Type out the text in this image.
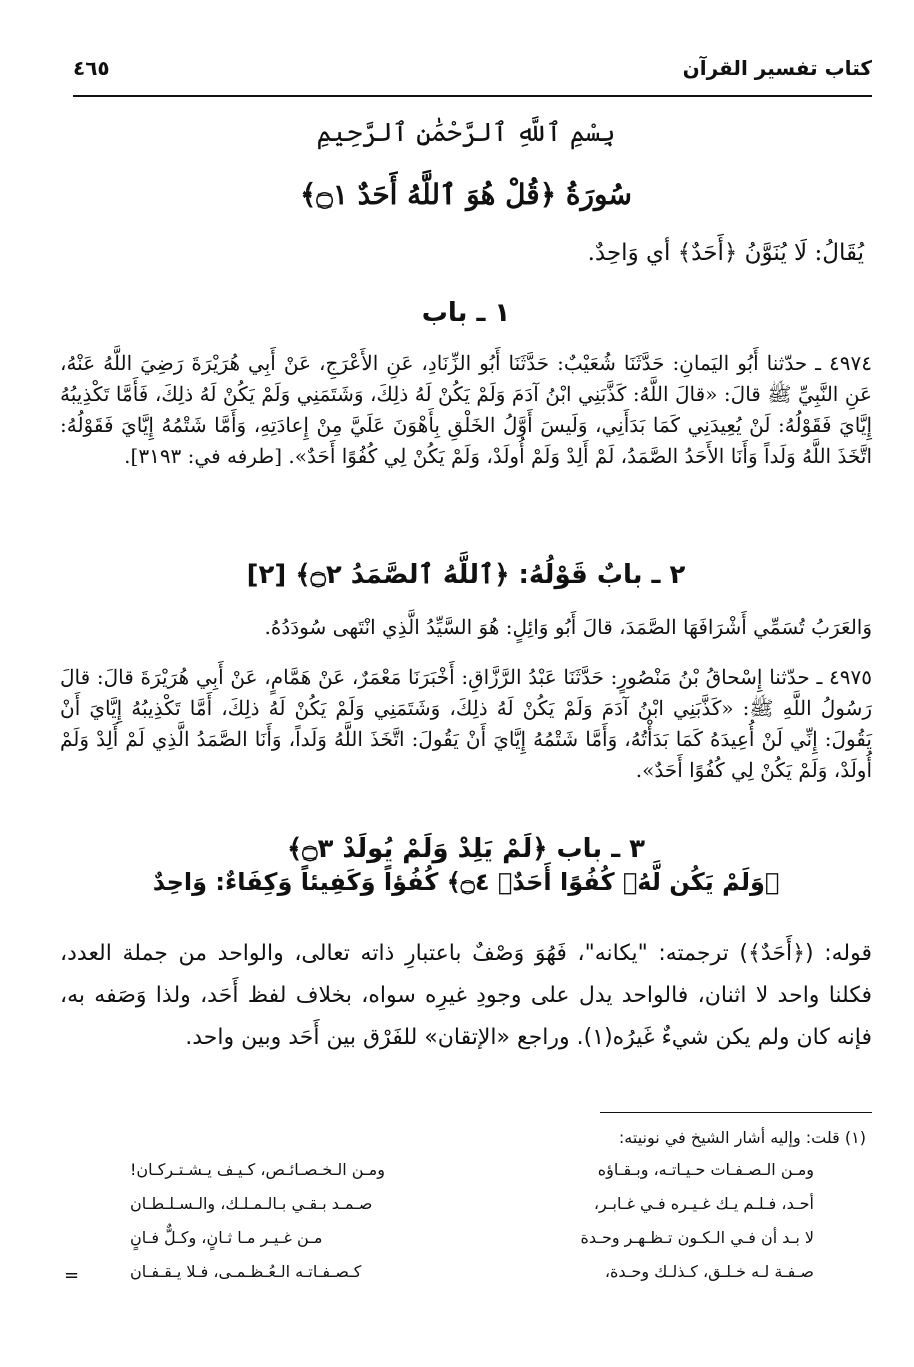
كتاب تفسير القرآن
٤٦٥
بِسْمِ ٱللَّهِ ٱلرَّحْمَٰنِ ٱلرَّحِيمِ
سُورَةُ ﴿قُلْ هُوَ ٱللَّهُ أَحَدٌ ۝١﴾
يُقَالُ: لَا يُنَوَّنُ ﴿أَحَدٌ﴾ أي وَاحِدٌ.
١ ـ باب
٤٩٧٤ ـ حدّثنا أَبُو اليَمانِ: حَدَّثَنَا شُعَيْبٌ: حَدَّثَنَا أَبُو الزِّنَادِ، عَنِ الأَعْرَجِ، عَنْ أَبِي هُرَيْرَةَ رَضِيَ اللَّهُ عَنْهُ، عَنِ النَّبِيِّ ﷺ قالَ: «قالَ اللَّهُ: كَذَّبَنِي ابْنُ آدَمَ وَلَمْ يَكُنْ لَهُ ذلِكَ، وَشَتَمَنِي وَلَمْ يَكُنْ لَهُ ذلِكَ، فَأَمَّا تَكْذِيبُهُ إِيَّايَ فَقَوْلُهُ: لَنْ يُعِيدَنِي كَمَا بَدَأَنِي، وَلَيسَ أَوَّلُ الخَلْقِ بِأَهْوَنَ عَلَيَّ مِنْ إِعادَتِهِ، وَأَمَّا شَتْمُهُ إِيَّايَ فَقَوْلُهُ: اتَّخَذَ اللَّهُ وَلَداً وَأَنَا الأَحَدُ الصَّمَدُ، لَمْ أَلِدْ وَلَمْ أُولَدْ، وَلَمْ يَكُنْ لِي كُفُوًا أَحَدٌ». [طرفه في: ٣١٩٣].
٢ ـ بابٌ قَوْلُهُ: ﴿ٱللَّهُ ٱلصَّمَدُ ۝٢﴾ [٢]
وَالعَرَبُ تُسَمِّي أَشْرَافَهَا الصَّمَدَ، قالَ أَبُو وَائِلٍ: هُوَ السَّيِّدُ الَّذِي انْتَهى سُودَدُهُ.
٤٩٧٥ ـ حدّثنا إِسْحاقُ بْنُ مَنْصُورٍ: حَدَّثَنَا عَبْدُ الرَّزَّاقِ: أَخْبَرَنَا مَعْمَرٌ، عَنْ هَمَّامٍ، عَنْ أَبِي هُرَيْرَةَ قالَ: قالَ رَسُولُ اللَّهِ ﷺ: «كَذَّبَنِي ابْنُ آدَمَ وَلَمْ يَكُنْ لَهُ ذلِكَ، وَشَتَمَنِي وَلَمْ يَكُنْ لَهُ ذلِكَ، أَمَّا تَكْذِيبُهُ إِيَّايَ أَنْ يَقُولَ: إِنِّي لَنْ أُعِيدَهُ كَمَا بَدَأْتُهُ، وَأَمَّا شَتْمُهُ إِيَّايَ أَنْ يَقُولَ: اتَّخَذَ اللَّهُ وَلَداً، وَأَنَا الصَّمَدُ الَّذِي لَمْ أَلِدْ وَلَمْ أُولَدْ، وَلَمْ يَكُنْ لِي كُفُوًا أَحَدٌ».
٣ ـ باب ﴿لَمْ يَلِدْ وَلَمْ يُولَدْ ۝٣﴾
﴿وَلَمْ يَكُن لَّهُۥ كُفُوًا أَحَدٌۢ ۝٤﴾ كُفُؤاً وَكَفِيئاً وَكِفَاءٌ: وَاحِدٌ
قوله: (﴿أَحَدٌ﴾) ترجمته: "يكانه"، فَهُوَ وَصْفٌ باعتبارِ ذاته تعالى، والواحد من جملة العدد، فكلنا واحد لا اثنان، فالواحد يدل على وجودِ غيرِه سواه، بخلاف لفظ أَحَد، ولذا وَصَفه به، فإنه كان ولم يكن شيءٌ غَيرُه(١). وراجع «الإتقان» للفَرْق بين أَحَد وبين واحد.
(١) قلت: وإليه أشار الشيخ في نونيته:
ومـن الـصـفـات حـيـاتـه، وبـقـاؤه
ومـن الـخـصـائـص، كـيـف يـشـتـركـان!
أحـد، فـلـم يـك غـيـره فـي غـابـر،
صـمـد بـقـي بـالـمـلـك، والـسـلـطـان
لا بـد أن فـي الـكـون تـظـهـر وحـدة
مـن غـيـر مـا ثـانٍ، وكـلٌّ فـانٍ
صـفـة لـه خـلـق، كـذلـك وحـدة،
كـصـفـاتـه الـعُـظـمـى، فـلا يـقـفـان
=
